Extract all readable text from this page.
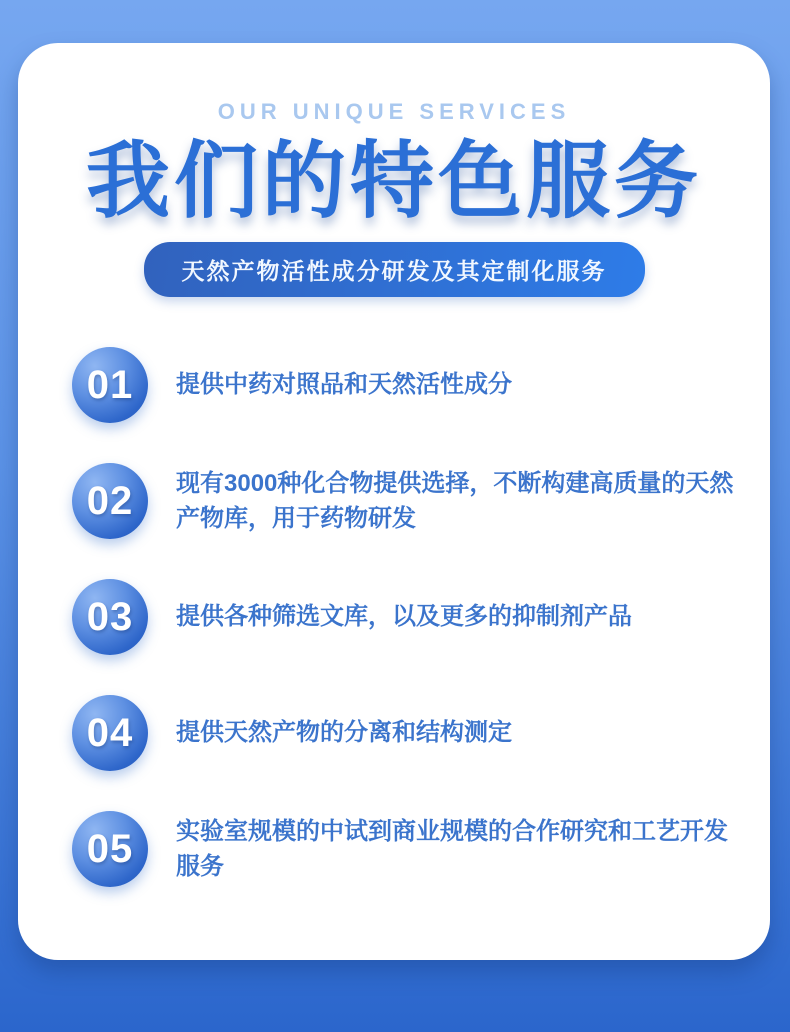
OUR UNIQUE SERVICES
我们的特色服务
天然产物活性成分研发及其定制化服务
01 提供中药对照品和天然活性成分
02 现有3000种化合物提供选择，不断构建高质量的天然产物库，用于药物研发
03 提供各种筛选文库，以及更多的抑制剂产品
04 提供天然产物的分离和结构测定
05 实验室规模的中试到商业规模的合作研究和工艺开发服务
